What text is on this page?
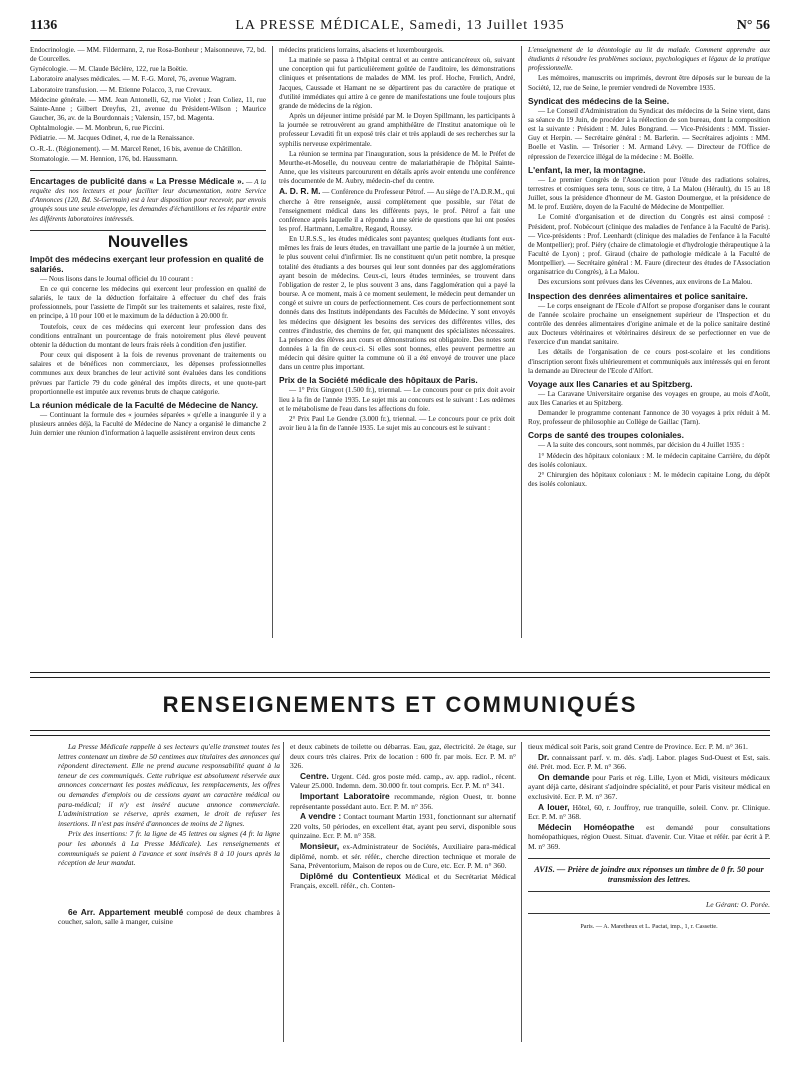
1136	LA PRESSE MÉDICALE, Samedi, 13 Juillet 1935	N° 56

Endocrinologie. — MM. Fildermann, 2, rue Rosa-Bonheur ; Maisonneuve, 72, bd. de Courcelles.

Gynécologie. — M. Claude Béclère, 122, rue la Boëtie.

Laboratoire analyses médicales. — M. F.-G. Morel, 76, avenue Wagram.

Laboratoire transfusion. — M. Etienne Polacco, 3, rue Crevaux.

Médecine générale. — MM. Jean Antonelli, 62, rue Violet ; Jean Coliez, 11, rue Sainte-Anne ; Gilbert Dreyfus, 21, avenue du Président-Wilson ; Maurice Gaucher, 36, av. de la Bourdonnais ; Valensin, 157, bd. Magenta.

Ophtalmologie. — M. Monbrun, 6, rue Piccini.

Pédiatrie. — M. Jacques Odinet, 4, rue de la Renaissance.

O.-R.-L. (Régionement). — M. Marcel Renet, 16 bis, avenue de Châtillon.

Stomatologie. — M. Hennion, 176, bd. Haussmann.

Encartages de publicité dans « La Presse Médicale ». — A la requête des nos lecteurs et pour faciliter leur documentation, notre Service d'Annonces (120, Bd. St-Germain) est à leur disposition pour recevoir, par envois groupés sous une seule enveloppe, les demandes d'échantillons et les répartir entre les différents laboratoires intéressés.

Nouvelles
Impôt des médecins exerçant leur profession en qualité de salariés.

— Nous lisons dans le Journal officiel du 10 courant :

En ce qui concerne les médecins qui exercent leur profession en qualité de salariés, le taux de la déduction forfaitaire à effectuer du chef des frais professionnels, pour l'assiette de l'impôt sur les traitements et salaires, reste fixé, en principe, à 10 pour 100 et le maximum de la déduction à 20.000 fr.

Toutefois, ceux de ces médecins qui exercent leur profession dans des conditions entraînant un pourcentage de frais notoirement plus élevé peuvent obtenir la déduction du montant de leurs frais réels à condition d'en justifier.

Pour ceux qui disposent à la fois de revenus provenant de traitements ou salaires et de bénéfices non commerciaux, les dépenses professionnelles communes aux deux branches de leur activité sont évaluées dans les conditions prévues par l'article 79 du code général des impôts directs, et une quote-part proportionnelle est imputée aux revenus bruts de chaque catégorie.

La réunion médicale de la Faculté de Médecine de Nancy.

— Continuant la formule des « journées séparées » qu'elle a inaugurée il y a plusieurs années déjà, la Faculté de Médecine de Nancy a organisé le dimanche 2 Juin dernier une réunion d'information à laquelle assistèrent environ deux cents

médecins praticiens lorrains, alsaciens et luxembourgeois.

La matinée se passa à l'hôpital central et au centre anticancéreux où, suivant une conception qui fut particulièrement goûtée de l'auditoire, les démonstrations cliniques et présentations de malades de MM. les prof. Hoche, Frœlich, André, Jacques, Caussade et Hamant ne se départirent pas du caractère de pratique et d'utilité immédiates qui attire à ce genre de manifestations une foule toujours plus grande de médecins de la région.

Après un déjeuner intime présidé par M. le Doyen Spillmann, les participants à la journée se retrouvèrent au grand amphithéâtre de l'Institut anatomique où le professeur Levaditi fit un exposé très clair et très applaudi de ses recherches sur la syphilis nerveuse expérimentale.

La réunion se termina par l'inauguration, sous la présidence de M. le Préfet de Meurthe-et-Moselle, du nouveau centre de malariathérapie de l'hôpital Sainte-Anne, que les visiteurs parcoururent en détails après avoir entendu une conférence très documentée de M. Aubry, médecin-chef du centre.

A. D. R. M. — Conférence du Professeur Pétrof. — Au siège de l'A.D.R.M., qui cherche à être renseignée, aussi complètement que possible, sur l'état de l'enseignement médical dans les différents pays, le prof. Pétrof a fait une conférence après laquelle il a répondu à une série de questions que lui ont posées les prof. Hartmann, Lemaître, Regaud, Roussy.

En U.R.S.S., les études médicales sont payantes; quelques étudiants font eux-mêmes les frais de leurs études, en travaillant une partie de la journée à un métier, le plus souvent celui d'infirmier. Ils ne constituent qu'un petit nombre, la presque totalité des étudiants a des bourses qui leur sont données par des agglomérations ayant besoin de médecins. Ceux-ci, leurs études terminées, se trouvent dans l'obligation de rester 2, le plus souvent 3 ans, dans l'agglomération qui a payé la bourse. A ce moment, mais à ce moment seulement, le médecin peut demander un congé et suivre un cours de perfectionnement. Ces cours de perfectionnement sont donnés dans des Instituts indépendants des Facultés de Médecine. Y sont envoyés les médecins que désignent les besoins des services des différentes villes, des centres d'industrie, des chemins de fer, qui manquent des spécialistes nécessaires. La présence des élèves aux cours et démonstrations est obligatoire. Des notes sont données à la fin de ceux-ci. Si elles sont bonnes, elles peuvent permettre au médecin qui désire quitter la commune où il a été envoyé de trouver une place dans un centre plus important.

Prix de la Société médicale des hôpitaux de Paris.

— 1° Prix Gingeot (1.500 fr.), triennal. — Le concours pour ce prix doit avoir lieu à la fin de l'année 1935. Le sujet mis au concours est le suivant : Les œdèmes et le métabolisme de l'eau dans les affections du foie.

2° Prix Paul Le Gendre (3.000 fr.), triennal. — Le concours pour ce prix doit avoir lieu à la fin de l'année 1935. Le sujet mis au concours est le suivant :

L'enseignement de la déontologie au lit du malade. Comment apprendre aux étudiants à résoudre les problèmes sociaux, psychologiques et légaux de la pratique professionnelle.

Les mémoires, manuscrits ou imprimés, devront être déposés sur le bureau de la Société, 12, rue de Seine, le premier vendredi de Novembre 1935.

Syndicat des médecins de la Seine.

— Le Conseil d'Administration du Syndicat des médecins de la Seine vient, dans sa séance du 19 Juin, de procéder à la réélection de son bureau, dont la composition est la suivante : Président : M. Jules Bongrand. — Vice-Présidents : MM. Tissier-Guy et Herpin. — Secrétaire général : M. Barlerin. — Secrétaires adjoints : MM. Boelle et Vaslin. — Trésorier : M. Armand Lévy. — Directeur de l'Office de répression de l'exercice illégal de la médecine : M. Boëlle.

L'enfant, la mer, la montagne.

— Le premier Congrès de l'Association pour l'étude des radiations solaires, terrestres et cosmiques sera tenu, sous ce titre, à La Malou (Hérault), du 15 au 18 Juillet, sous la présidence d'honneur de M. Gaston Doumergue, et la présidence de M. le prof. Euzière, doyen de la Faculté de Médecine de Montpellier.

Le Comité d'organisation et de direction du Congrès est ainsi composé : Président, prof. Nobécourt (clinique des maladies de l'enfance à la Faculté de Paris). — Vice-présidents : Prof. Leenhardt (clinique des maladies de l'enfance à la Faculté de Montpellier); prof. Piéry (chaire de climatologie et d'hydrologie thérapeutique à la Faculté de Lyon) ; prof. Giraud (chaire de pathologie médicale à la Faculté de Montpellier). — Secrétaire général : M. Faure (directeur des études de l'Association organisatrice du Congrès), à La Malou.

Des excursions sont prévues dans les Cévennes, aux environs de La Malou.

Inspection des denrées alimentaires et police sanitaire.

— Le corps enseignant de l'Ecole d'Alfort se propose d'organiser dans le courant de l'année scolaire prochaine un enseignement supérieur de l'Inspection et du contrôle des denrées alimentaires d'origine animale et de la police sanitaire destiné aux Docteurs vétérinaires et vétérinaires désireux de se perfectionner en vue de l'exercice d'un mandat sanitaire.

Les détails de l'organisation de ce cours post-scolaire et les conditions d'inscription seront fixés ultérieurement et communiqués aux intéressés qui en feront la demande au Directeur de l'Ecole d'Alfort.

Voyage aux Iles Canaries et au Spitzberg.

— La Caravane Universitaire organise des voyages en groupe, au mois d'Août, aux Iles Canaries et au Spitzberg.

Demander le programme contenant l'annonce de 30 voyages à prix réduit à M. Roy, professeur de philosophie au Collège de Gaillac (Tarn).

Corps de santé des troupes coloniales.

— A la suite des concours, sont nommés, par décision du 4 Juillet 1935 :

1° Médecin des hôpitaux coloniaux : M. le médecin capitaine Carrière, du dépôt des isolés coloniaux.

2° Chirurgien des hôpitaux coloniaux : M. le médecin capitaine Long, du dépôt des isolés coloniaux.

RENSEIGNEMENTS ET COMMUNIQUÉS

La Presse Médicale rappelle à ses lecteurs qu'elle transmet toutes les lettres contenant un timbre de 50 centimes aux titulaires des annonces qui répondent directement. Elle ne prend aucune responsabilité quant à la teneur de ces communiqués. Cette rubrique est absolument réservée aux annonces concernant les postes médicaux, les remplacements, les offres ou demandes d'emplois ou de cessions ayant un caractère médical ou para-médical; il n'y est inséré aucune annonce commerciale. L'administration se réserve, après examen, le droit de refuser les insertions. Il n'est pas inséré d'annonces de moins de 2 lignes.

Prix des insertions: 7 fr. la ligne de 45 lettres ou signes (4 fr. la ligne pour les abonnés à La Presse Médicale). Les renseignements et communiqués se paient à l'avance et sont insérés 8 à 10 jours après la réception de leur mandat.

6e Arr. Appartement meublé composé de deux chambres à coucher, salon, salle à manger, cuisine

et deux cabinets de toilette ou débarras. Eau, gaz, électricité. 2e étage, sur deux cours très claires. Prix de location : 600 fr. par mois. Ecr. P. M. n° 326.

Centre. Urgent. Céd. gros poste méd. camp., av. app. radiol., récent. Valeur 25.000. Indemn. dem. 30.000 fr. tout compris. Ecr. P. M. n° 341.

Important Laboratoire recommande, région Ouest, tr. bonne représentante possédant auto. Ecr. P. M. n° 356.

A vendre : Contact tournant Martin 1931, fonctionnant sur alternatif 220 volts, 50 périodes, en excellent état, ayant peu servi, disponible sous quinzaine. Ecr. P. M. n° 358.

Monsieur, ex-Administrateur de Sociétés, Auxiliaire para-médical diplômé, nomb. et sér. référ., cherche direction technique et morale de Sana, Préventorium, Maison de repos ou de Cure, etc. Ecr. P. M. n° 360.

Diplômé du Contentieux Médical et du Secrétariat Médical Français, excell. référ., ch. Conten-

tieux médical soit Paris, soit grand Centre de Province. Ecr. P. M. n° 361.

Dr. connaissant parf. v. m. dés. s'adj. Labor. plages Sud-Ouest et Est, sais. été. Prét. mod. Ecr. P. M. n° 366.

On demande pour Paris et rég. Lille, Lyon et Midi, visiteurs médicaux ayant déjà carte, désirant s'adjoindre spécialité, et pour Paris visiteur médical en exclusivité. Ecr. P. M. n° 367.

A louer, Hôtel, 60, r. Jouffroy, rue tranquille, soleil. Conv. pr. Clinique. Ecr. P. M. n° 368.

Médecin Homéopathe est demandé pour consultations homéopathiques, région Ouest. Situat. d'avenir. Cur. Vitae et référ. par écrit à P. M. n° 369.

AVIS. — Prière de joindre aux réponses un timbre de 0 fr. 50 pour transmission des lettres.
Le Gérant: O. Porée.
Paris. — A. Maretheux et L. Pactat, imp., 1, r. Cassette.
